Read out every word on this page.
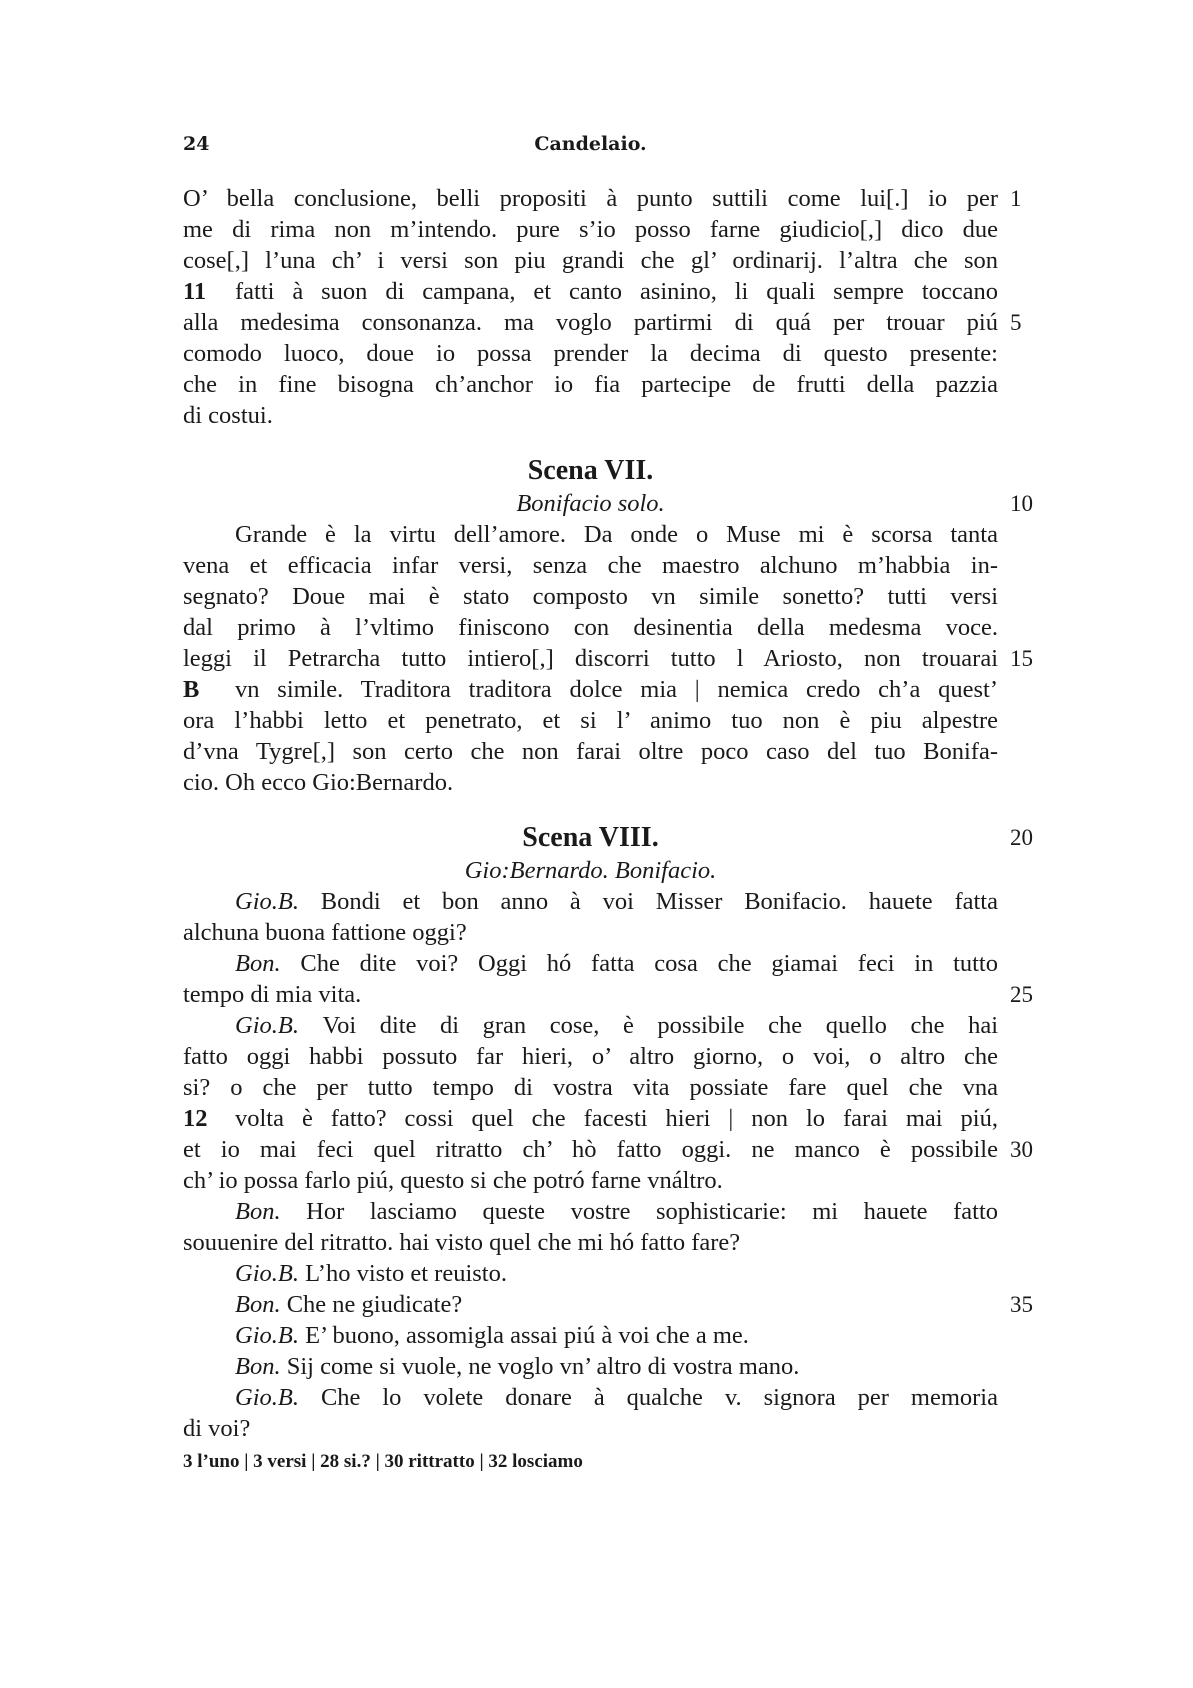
24	Candelaio.
O’ bella conclusione, belli propositi à punto suttili come lui[.] io per
me di rima non m’intendo. pure s’io posso farne giudicio[,] dico due
cose[,] l’una ch’ i versi son piu grandi che gl’ ordinarij. l’altra che son
11 fatti à suon di campana, et canto asinino, li quali sempre toccano
alla medesima consonanza. ma voglo partirmi di quá per trouar piú
comodo luoco, doue io possa prender la decima di questo presente:
che in fine bisogna ch’anchor io fia partecipe de frutti della pazzia
di costui.
Scena VII.
Bonifacio solo.
Grande è la virtu dell’amore. Da onde o Muse mi è scorsa tanta
vena et efficacia infar versi, senza che maestro alchuno m’habbia in-
segnato? Doue mai è stato composto vn simile sonetto? tutti versi
dal primo à l’vltimo finiscono con desinentia della medesma voce.
leggi il Petrarcha tutto intiero[,] discorri tutto l Ariosto, non trouarai
B vn simile. Traditora traditora dolce mia | nemica credo ch’a quest’
ora l’habbi letto et penetrato, et si l’ animo tuo non è piu alpestre
d’vna Tygre[,] son certo che non farai oltre poco caso del tuo Bonifa-
cio. Oh ecco Gio:Bernardo.
Scena VIII.
Gio:Bernardo. Bonifacio.
Gio.B. Bondi et bon anno à voi Misser Bonifacio. hauete fatta
alchuna buona fattione oggi?
Bon. Che dite voi? Oggi hó fatta cosa che giamai feci in tutto
tempo di mia vita.
Gio.B. Voi dite di gran cose, è possibile che quello che hai
fatto oggi habbi possuto far hieri, o’ altro giorno, o voi, o altro che
si? o che per tutto tempo di vostra vita possiate fare quel che vna
12 volta è fatto? cossi quel che facesti hieri | non lo farai mai piú,
et io mai feci quel ritratto ch’ hò fatto oggi. ne manco è possibile
ch’ io possa farlo piú, questo si che potró farne vnáltro.
Bon. Hor lasciamo queste vostre sophisticarie: mi hauete fatto
souuenire del ritratto. hai visto quel che mi hó fatto fare?
Gio.B. L’ho visto et reuisto.
Bon. Che ne giudicate?
Gio.B. E’ buono, assomigla assai piú à voi che a me.
Bon. Sij come si vuole, ne voglo vn’ altro di vostra mano.
Gio.B. Che lo volete donare à qualche v. signora per memoria
di voi?
1
5
10
15
20
25
30
35
3 l’uno | 3 versi | 28 si.? | 30 rittratto | 32 losciamo
